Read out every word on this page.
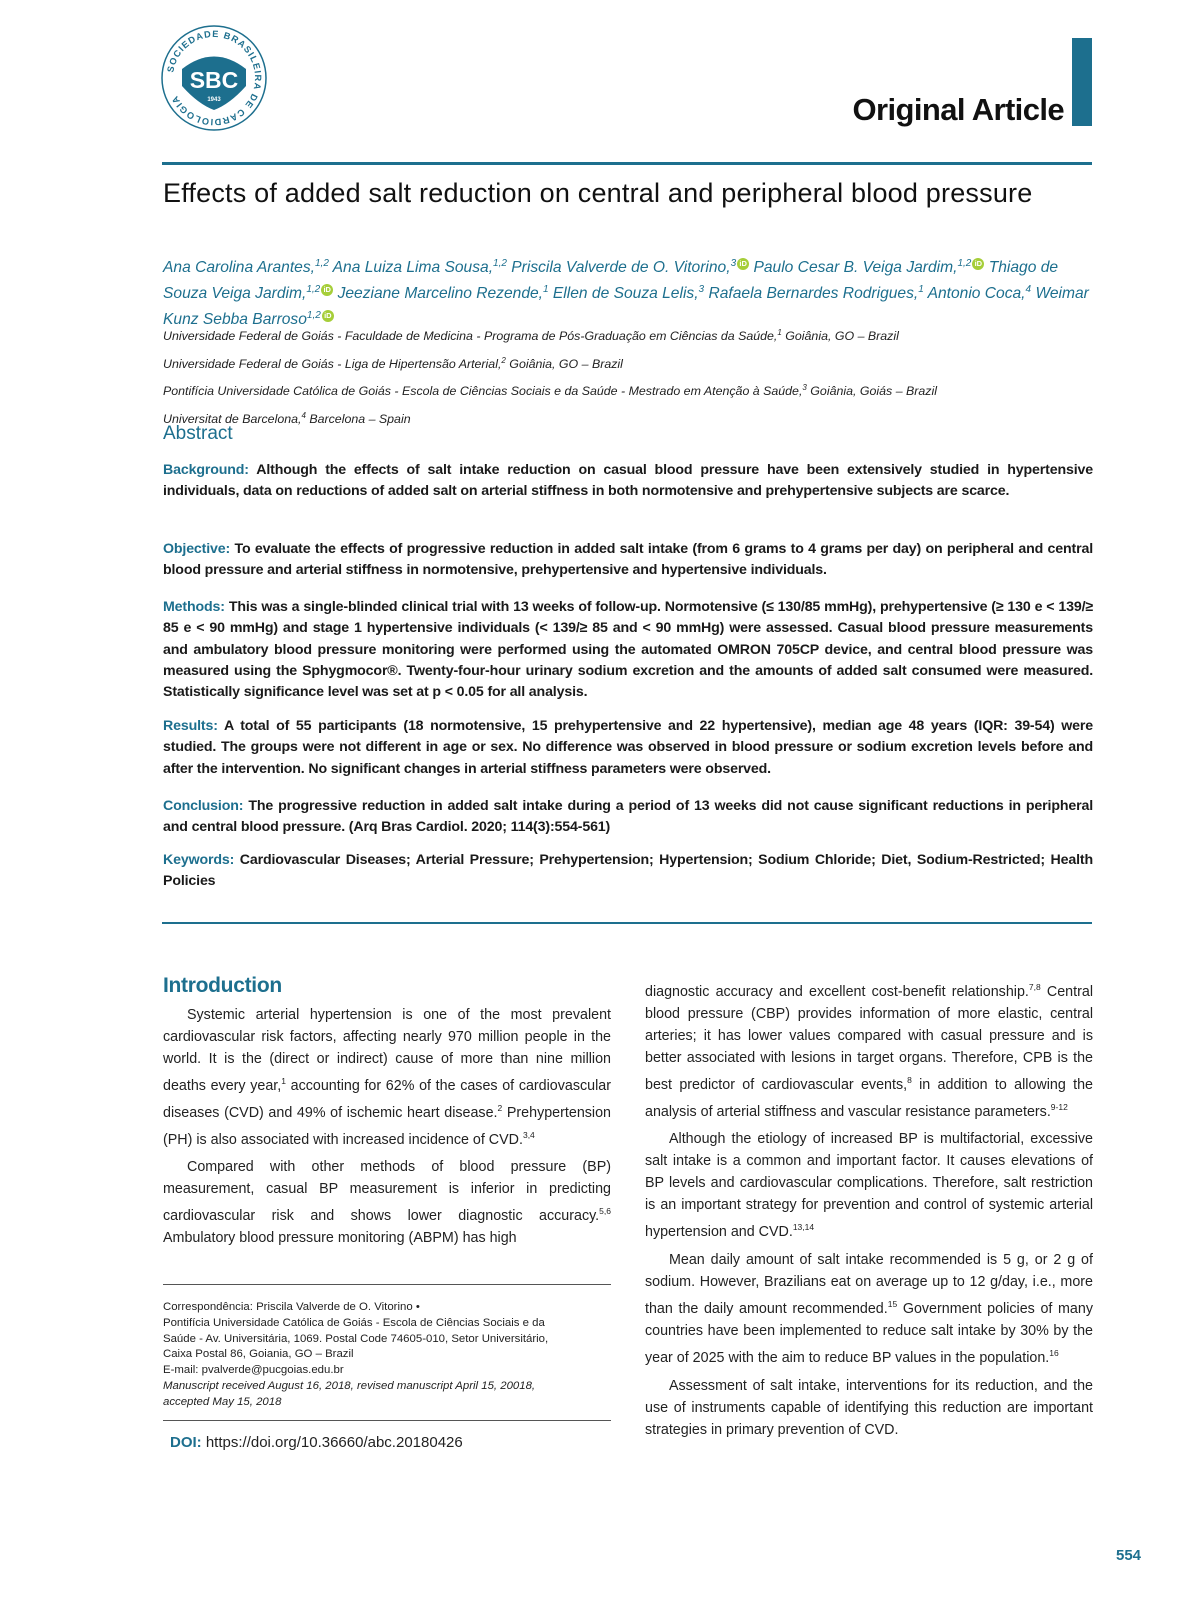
SOCIEDADE BRASILEIRA DE CARDIOLOGIA
SBC
1943	Original Article
Effects of added salt reduction on central and peripheral blood pressure
Ana Carolina Arantes,$^{1,2}$ Ana Luiza Lima Sousa,$^{1,2}$ Priscila Valverde de O. Vitorino,$^3$ iD Paulo Cesar B. Veiga Jardim,$^{1,2}$ iD Thiago de Souza Veiga Jardim,$^{1,2}$ iD Jeeziane Marcelino Rezende,$^1$ Ellen de Souza Lelis,$^3$ Rafaela Bernardes Rodrigues,$^1$ Antonio Coca,$^4$ Weimar Kunz Sebba Barroso$^{1,2}$ iD
Universidade Federal de Goiás - Faculdade de Medicina - Programa de Pós-Graduação em Ciências da Saúde,$^1$ Goiânia, GO – Brazil
Universidade Federal de Goiás - Liga de Hipertensão Arterial,$^2$ Goiânia, GO – Brazil
Pontifícia Universidade Católica de Goiás - Escola de Ciências Sociais e da Saúde - Mestrado em Atenção à Saúde,$^3$ Goiânia, Goiás – Brazil
Universitat de Barcelona,$^4$ Barcelona – Spain
Abstract
Background: Although the effects of salt intake reduction on casual blood pressure have been extensively studied in hypertensive individuals, data on reductions of added salt on arterial stiffness in both normotensive and prehypertensive subjects are scarce.
Objective: To evaluate the effects of progressive reduction in added salt intake (from 6 grams to 4 grams per day) on peripheral and central blood pressure and arterial stiffness in normotensive, prehypertensive and hypertensive individuals.
Methods: This was a single-blinded clinical trial with 13 weeks of follow-up. Normotensive (≤ 130/85 mmHg), prehypertensive (≥ 130 e < 139/≥ 85 e < 90 mmHg) and stage 1 hypertensive individuals (< 139/≥ 85 and < 90 mmHg) were assessed. Casual blood pressure measurements and ambulatory blood pressure monitoring were performed using the automated OMRON 705CP device, and central blood pressure was measured using the Sphygmocor®. Twenty-four-hour urinary sodium excretion and the amounts of added salt consumed were measured. Statistically significance level was set at p < 0.05 for all analysis.
Results: A total of 55 participants (18 normotensive, 15 prehypertensive and 22 hypertensive), median age 48 years (IQR: 39-54) were studied. The groups were not different in age or sex. No difference was observed in blood pressure or sodium excretion levels before and after the intervention. No significant changes in arterial stiffness parameters were observed.
Conclusion: The progressive reduction in added salt intake during a period of 13 weeks did not cause significant reductions in peripheral and central blood pressure. (Arq Bras Cardiol. 2020; 114(3):554-561)
Keywords: Cardiovascular Diseases; Arterial Pressure; Prehypertension; Hypertension; Sodium Chloride; Diet, Sodium-Restricted; Health Policies
Introduction

Systemic arterial hypertension is one of the most prevalent cardiovascular risk factors, affecting nearly 970 million people in the world. It is the (direct or indirect) cause of more than nine million deaths every year,$^1$ accounting for 62% of the cases of cardiovascular diseases (CVD) and 49% of ischemic heart disease.$^2$ Prehypertension (PH) is also associated with increased incidence of CVD.$^{3,4}$

Compared with other methods of blood pressure (BP) measurement, casual BP measurement is inferior in predicting cardiovascular risk and shows lower diagnostic accuracy.$^{5,6}$ Ambulatory blood pressure monitoring (ABPM) has high

diagnostic accuracy and excellent cost-benefit relationship.$^{7,8}$ Central blood pressure (CBP) provides information of more elastic, central arteries; it has lower values compared with casual pressure and is better associated with lesions in target organs. Therefore, CPB is the best predictor of cardiovascular events,$^8$ in addition to allowing the analysis of arterial stiffness and vascular resistance parameters.$^{9-12}$

Although the etiology of increased BP is multifactorial, excessive salt intake is a common and important factor. It causes elevations of BP levels and cardiovascular complications. Therefore, salt restriction is an important strategy for prevention and control of systemic arterial hypertension and CVD.$^{13,14}$

Mean daily amount of salt intake recommended is 5 g, or 2 g of sodium. However, Brazilians eat on average up to 12 g/day, i.e., more than the daily amount recommended.$^{15}$ Government policies of many countries have been implemented to reduce salt intake by 30% by the year of 2025 with the aim to reduce BP values in the population.$^{16}$

Assessment of salt intake, interventions for its reduction, and the use of instruments capable of identifying this reduction are important strategies in primary prevention of CVD.

Correspondência: Priscila Valverde de O. Vitorino •
Pontifícia Universidade Católica de Goiás - Escola de Ciências Sociais e da
Saúde - Av. Universitária, 1069. Postal Code 74605-010, Setor Universitário,
Caixa Postal 86, Goiania, GO – Brazil
E-mail: pvalverde@pucgoias.edu.br
Manuscript received August 16, 2018, revised manuscript April 15, 20018,
accepted May 15, 2018
DOI: https://doi.org/10.36660/abc.20180426
554
